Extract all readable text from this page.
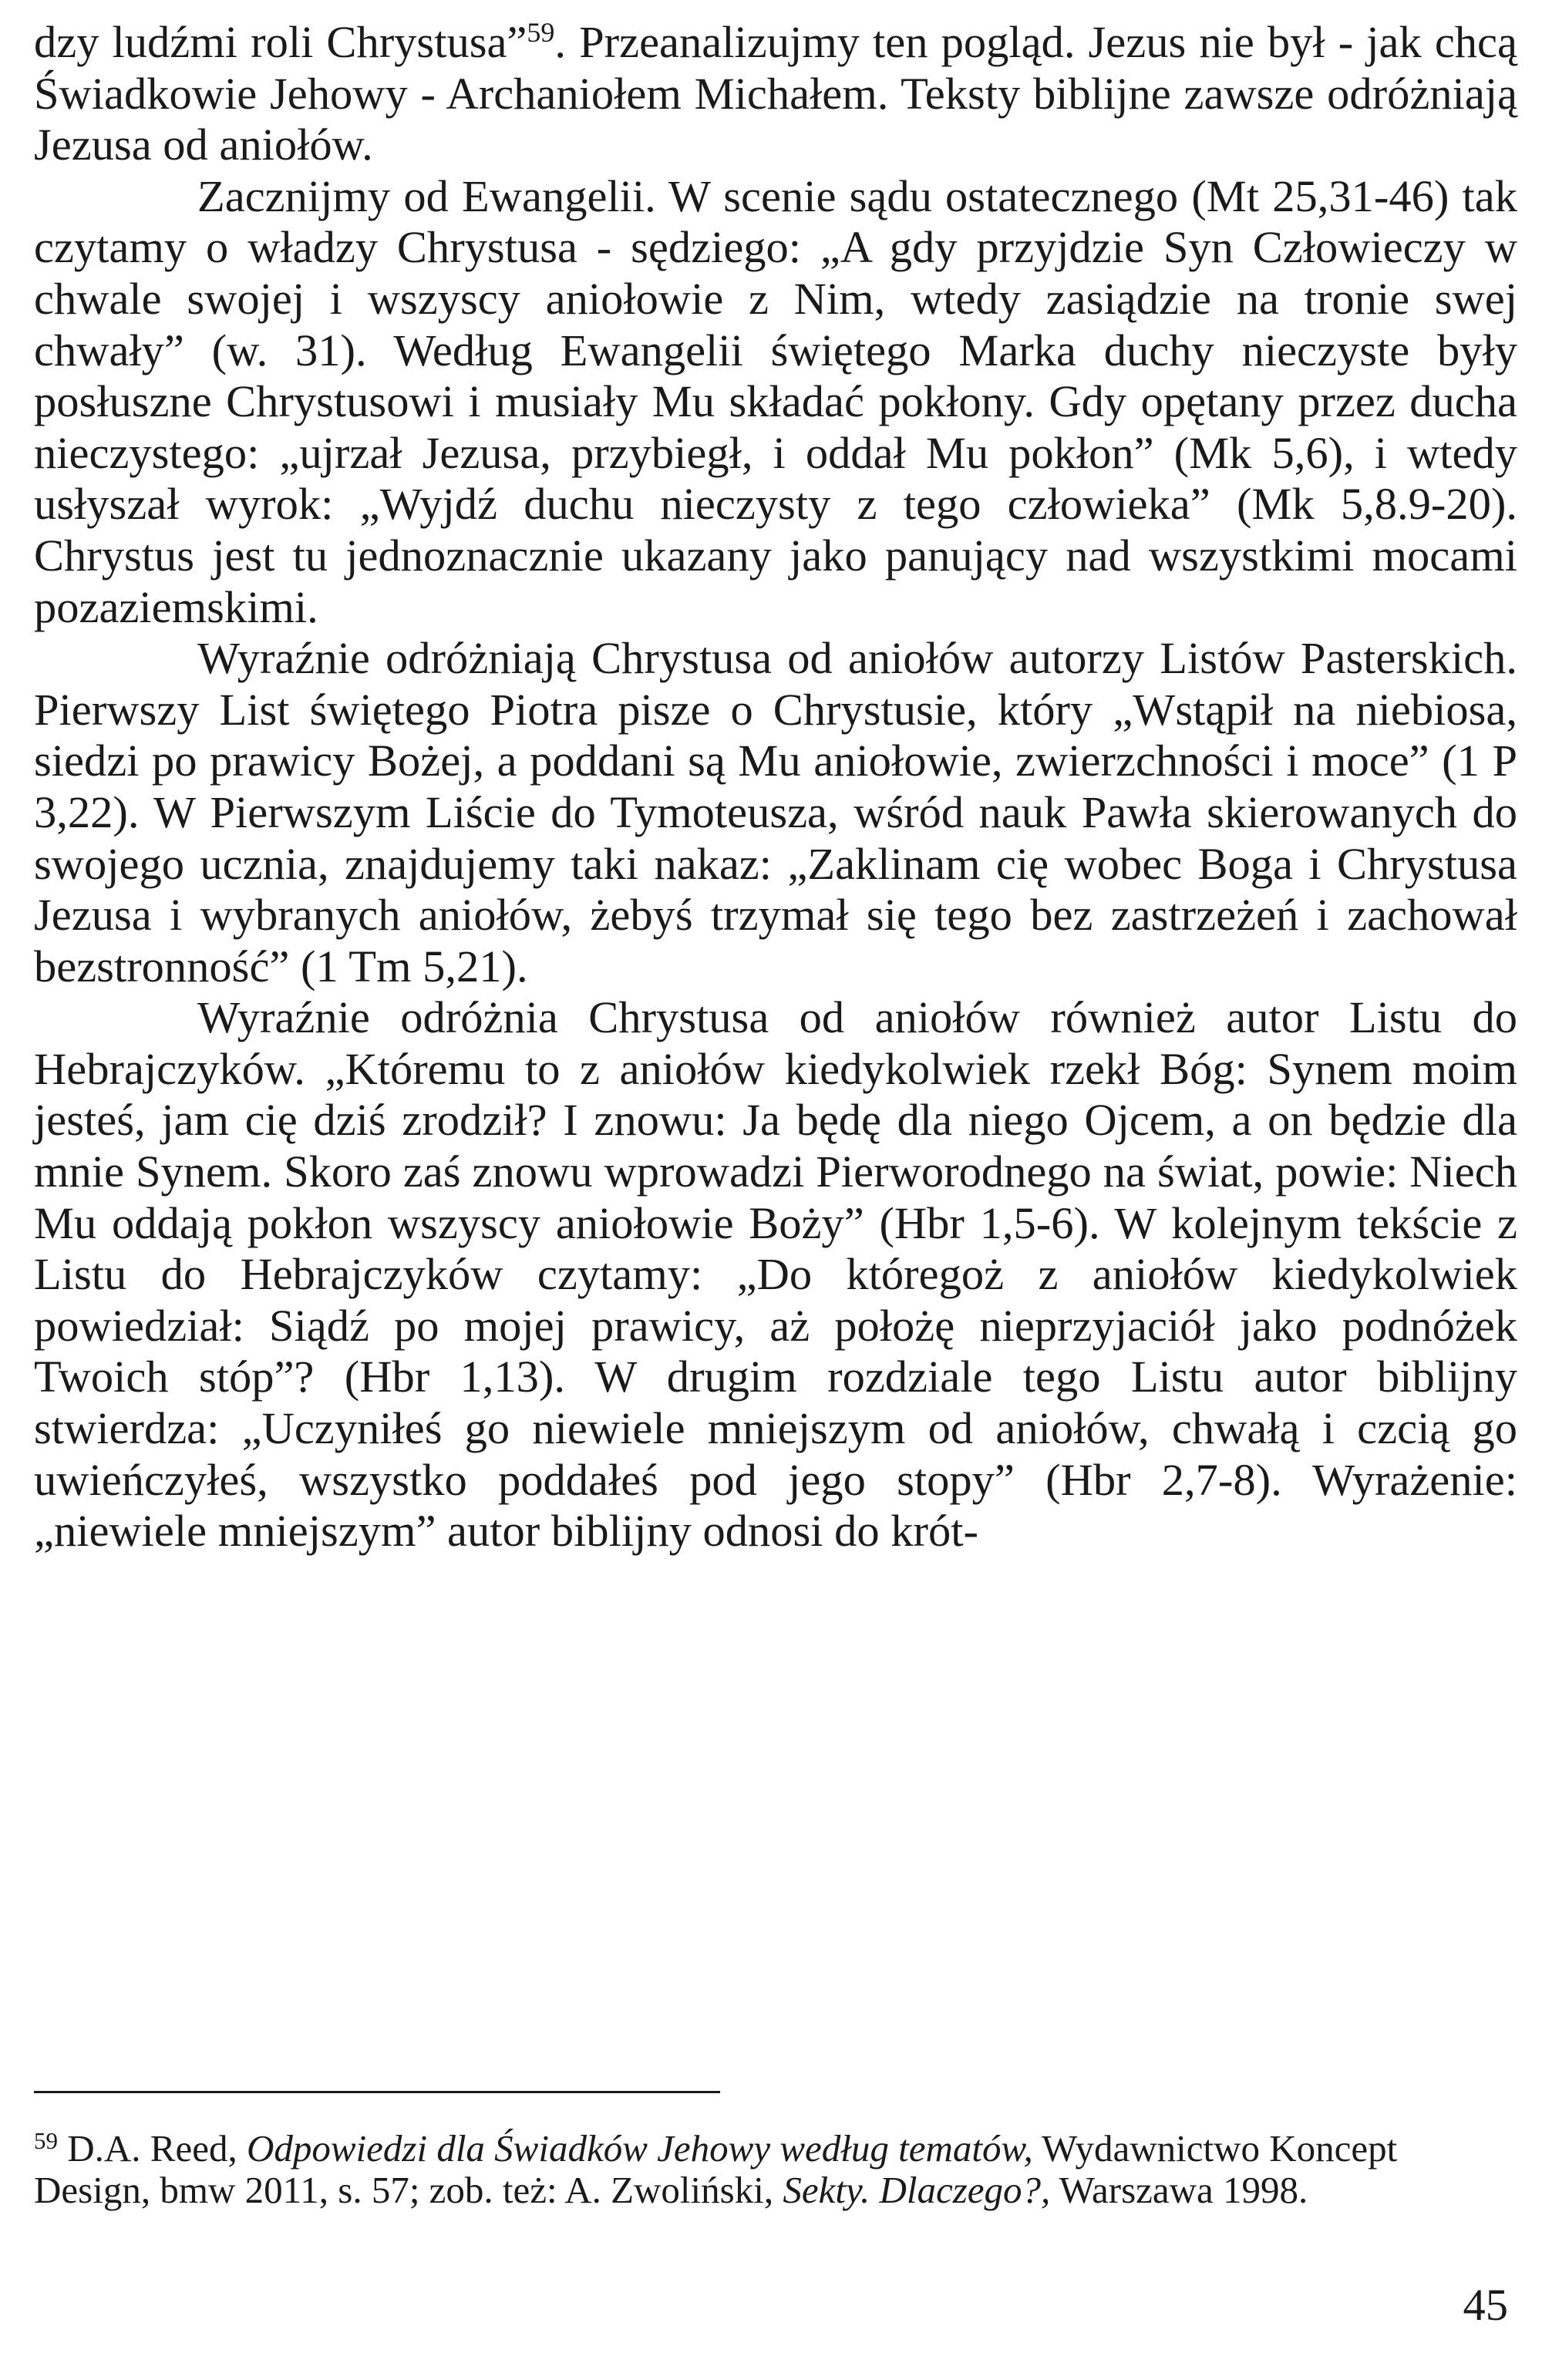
dzy ludźmi roli Chrystusa”$^{59}$. Przeanalizujmy ten pogląd. Jezus nie był - jak chcą Świadkowie Jehowy - Archaniołem Michałem. Teksty biblijne zawsze odróżniają Jezusa od aniołów.

Zacznijmy od Ewangelii. W scenie sądu ostatecznego (Mt 25,31-46) tak czytamy o władzy Chrystusa - sędziego: „A gdy przyjdzie Syn Człowieczy w chwale swojej i wszyscy aniołowie z Nim, wtedy zasiądzie na tronie swej chwały” (w. 31). Według Ewangelii świętego Marka duchy nieczyste były posłuszne Chrystusowi i musiały Mu składać pokłony. Gdy opętany przez ducha nieczystego: „ujrzał Jezusa, przybiegł, i oddał Mu pokłon” (Mk 5,6), i wtedy usłyszał wyrok: „Wyjdź duchu nieczysty z tego człowieka” (Mk 5,8.9-20). Chrystus jest tu jednoznacznie ukazany jako panujący nad wszystkimi mocami pozaziemskimi.

Wyraźnie odróżniają Chrystusa od aniołów autorzy Listów Pasterskich. Pierwszy List świętego Piotra pisze o Chrystusie, który „Wstąpił na niebiosa, siedzi po prawicy Bożej, a poddani są Mu aniołowie, zwierzchności i moce” (1 P 3,22). W Pierwszym Liście do Tymoteusza, wśród nauk Pawła skierowanych do swojego ucznia, znajdujemy taki nakaz: „Zaklinam cię wobec Boga i Chrystusa Jezusa i wybranych aniołów, żebyś trzymał się tego bez zastrzeżeń i zachował bezstronność” (1 Tm 5,21).

Wyraźnie odróżnia Chrystusa od aniołów również autor Listu do Hebrajczyków. „Któremu to z aniołów kiedykolwiek rzekł Bóg: Synem moim jesteś, jam cię dziś zrodził? I znowu: Ja będę dla niego Ojcem, a on będzie dla mnie Synem. Skoro zaś znowu wprowadzi Pierworodnego na świat, powie: Niech Mu oddają pokłon wszyscy aniołowie Boży” (Hbr 1,5-6). W kolejnym tekście z Listu do Hebrajczyków czytamy: „Do któregoż z aniołów kiedykolwiek powiedział: Siądź po mojej prawicy, aż położę nieprzyjaciół jako podnóżek Twoich stóp”? (Hbr 1,13). W drugim rozdziale tego Listu autor biblijny stwierdza: „Uczyniłeś go niewiele mniejszym od aniołów, chwałą i czcią go uwieńczyłeś, wszystko poddałeś pod jego stopy” (Hbr 2,7-8). Wyrażenie: „niewiele mniejszym” autor biblijny odnosi do krót-

$^{59}$ D.A. Reed, Odpowiedzi dla Świadków Jehowy według tematów, Wydawnictwo Koncept Design, bmw 2011, s. 57; zob. też: A. Zwoliński, Sekty. Dlaczego?, Warszawa 1998.

45
